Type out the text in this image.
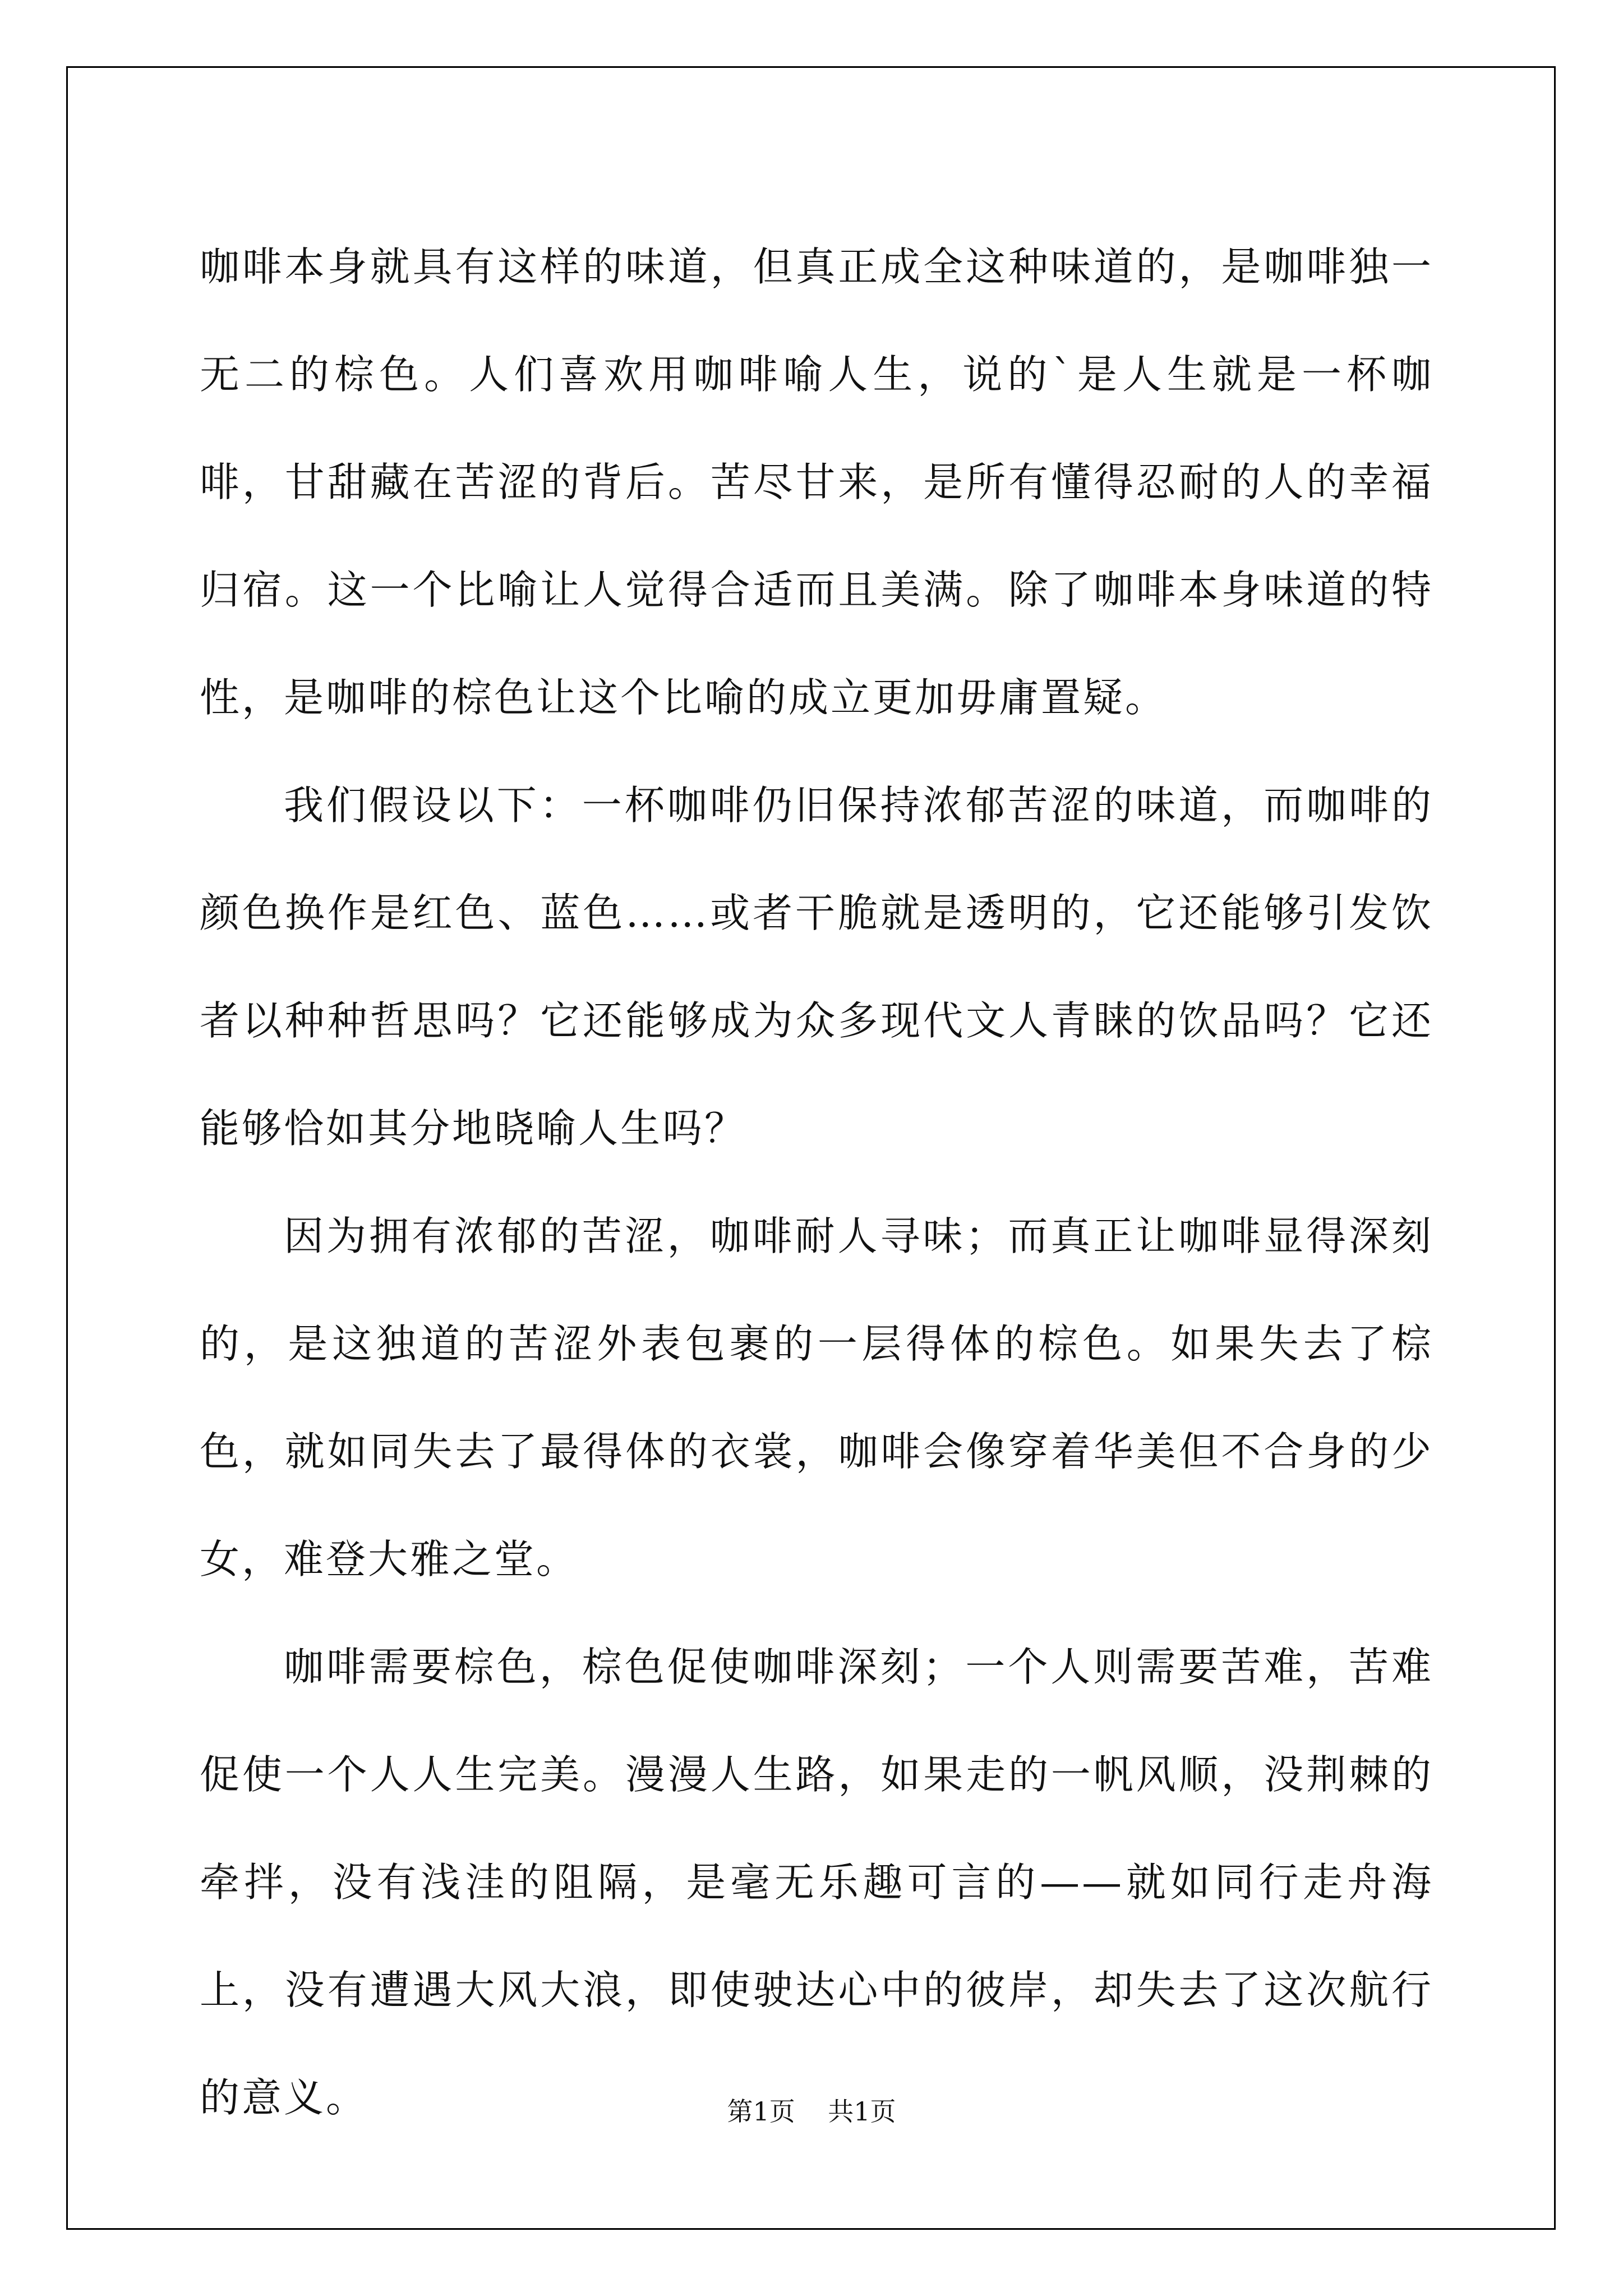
咖啡本身就具有这样的味道，但真正成全这种味道的，是咖啡独一无二的棕色。人们喜欢用咖啡喻人生，说的`是人生就是一杯咖啡，甘甜藏在苦涩的背后。苦尽甘来，是所有懂得忍耐的人的幸福归宿。这一个比喻让人觉得合适而且美满。除了咖啡本身味道的特性，是咖啡的棕色让这个比喻的成立更加毋庸置疑。

我们假设以下：一杯咖啡仍旧保持浓郁苦涩的味道，而咖啡的颜色换作是红色、蓝色……或者干脆就是透明的，它还能够引发饮者以种种哲思吗？它还能够成为众多现代文人青睐的饮品吗？它还能够恰如其分地晓喻人生吗？

因为拥有浓郁的苦涩，咖啡耐人寻味；而真正让咖啡显得深刻的，是这独道的苦涩外表包裹的一层得体的棕色。如果失去了棕色，就如同失去了最得体的衣裳，咖啡会像穿着华美但不合身的少女，难登大雅之堂。

咖啡需要棕色，棕色促使咖啡深刻；一个人则需要苦难，苦难促使一个人人生完美。漫漫人生路，如果走的一帆风顺，没荆棘的牵拌，没有浅洼的阻隔，是毫无乐趣可言的——就如同行走舟海上，没有遭遇大风大浪，即使驶达心中的彼岸，却失去了这次航行的意义。	第1页 共1页
